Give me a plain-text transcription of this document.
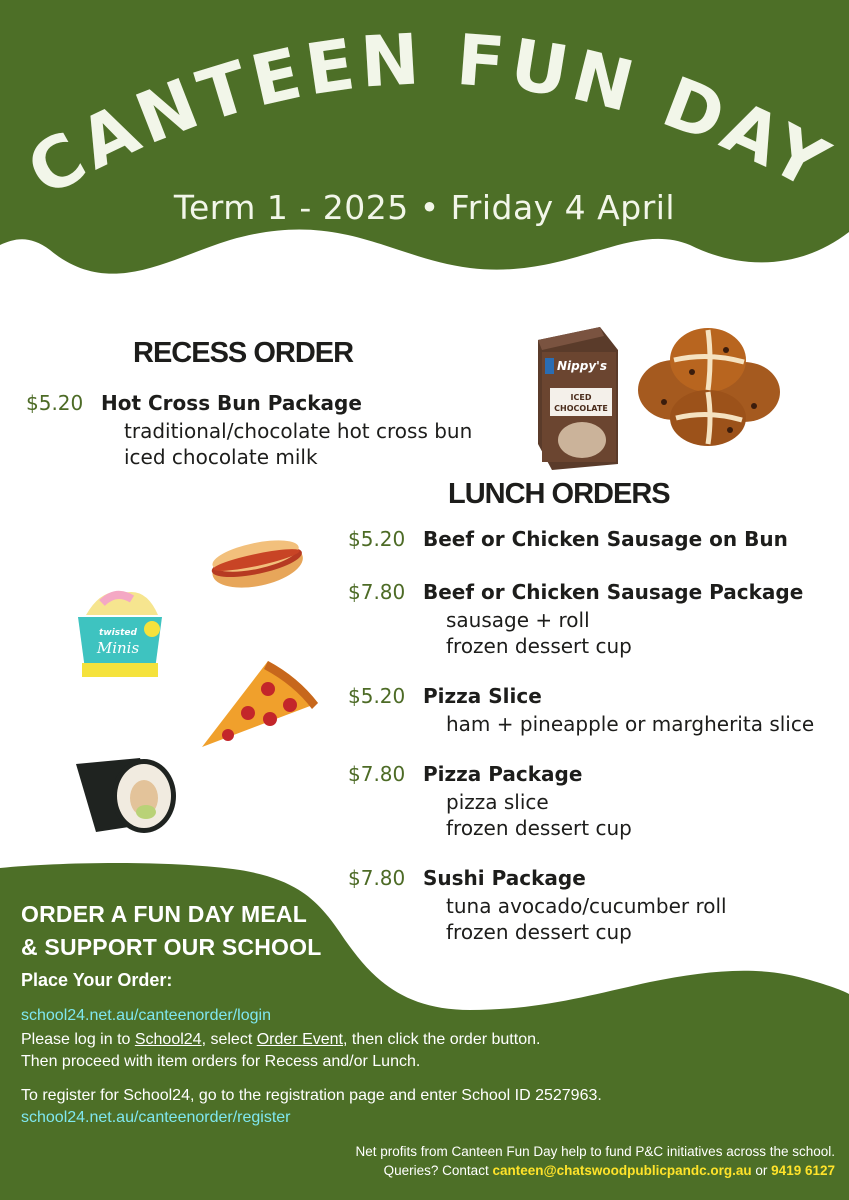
CANTEEN FUN DAY
Term 1 - 2025 • Friday 4 April
RECESS ORDER
$5.20 Hot Cross Bun Package
traditional/chocolate hot cross bun
iced chocolate milk
Nippy's
ICED
CHOCOLATE
LUNCH ORDERS
$5.20 Beef or Chicken Sausage on Bun
$7.80 Beef or Chicken Sausage Package
sausage + roll
frozen dessert cup
$5.20 Pizza Slice
ham + pineapple or margherita slice
$7.80 Pizza Package
pizza slice
frozen dessert cup
$7.80 Sushi Package
tuna avocado/cucumber roll
frozen dessert cup
twisted
Minis
ORDER A FUN DAY MEAL
& SUPPORT OUR SCHOOL
Place Your Order:
school24.net.au/canteenorder/login
Please log in to School24, select Order Event, then click the order button.
Then proceed with item orders for Recess and/or Lunch.
To register for School24, go to the registration page and enter School ID 2527963.
school24.net.au/canteenorder/register
Net profits from Canteen Fun Day help to fund P&C initiatives across the school.
Queries? Contact canteen@chatswoodpublicpandc.org.au or 9419 6127
